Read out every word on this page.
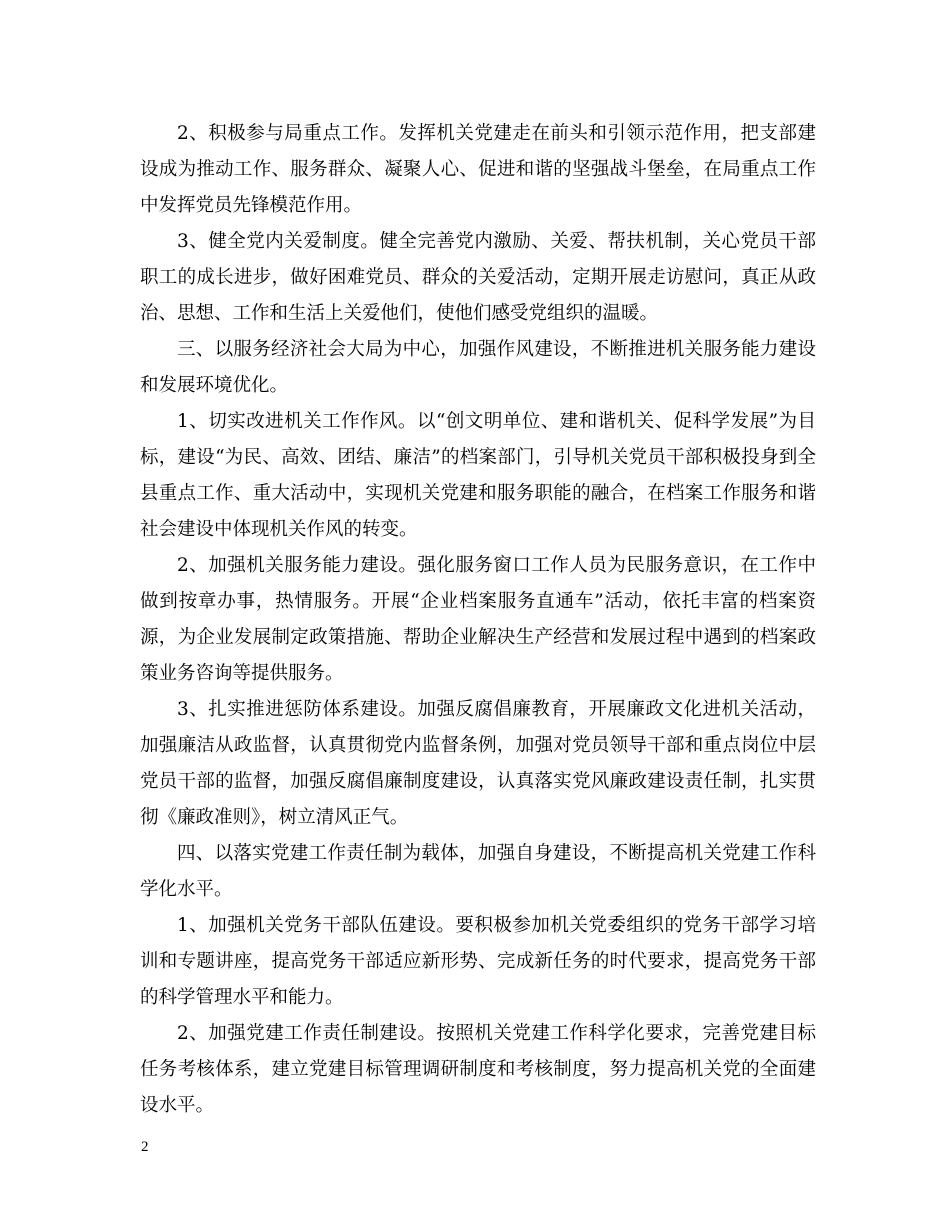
2、积极参与局重点工作。发挥机关党建走在前头和引领示范作用，把支部建设成为推动工作、服务群众、凝聚人心、促进和谐的坚强战斗堡垒，在局重点工作中发挥党员先锋模范作用。

3、健全党内关爱制度。健全完善党内激励、关爱、帮扶机制，关心党员干部职工的成长进步，做好困难党员、群众的关爱活动，定期开展走访慰问，真正从政治、思想、工作和生活上关爱他们，使他们感受党组织的温暖。

三、以服务经济社会大局为中心，加强作风建设，不断推进机关服务能力建设和发展环境优化。

1、切实改进机关工作作风。以“创文明单位、建和谐机关、促科学发展”为目标，建设“为民、高效、团结、廉洁”的档案部门，引导机关党员干部积极投身到全县重点工作、重大活动中，实现机关党建和服务职能的融合，在档案工作服务和谐社会建设中体现机关作风的转变。

2、加强机关服务能力建设。强化服务窗口工作人员为民服务意识，在工作中做到按章办事，热情服务。开展“企业档案服务直通车”活动，依托丰富的档案资源，为企业发展制定政策措施、帮助企业解决生产经营和发展过程中遇到的档案政策业务咨询等提供服务。

3、扎实推进惩防体系建设。加强反腐倡廉教育，开展廉政文化进机关活动，加强廉洁从政监督，认真贯彻党内监督条例，加强对党员领导干部和重点岗位中层党员干部的监督，加强反腐倡廉制度建设，认真落实党风廉政建设责任制，扎实贯彻《廉政准则》，树立清风正气。

四、以落实党建工作责任制为载体，加强自身建设，不断提高机关党建工作科学化水平。

1、加强机关党务干部队伍建设。要积极参加机关党委组织的党务干部学习培训和专题讲座，提高党务干部适应新形势、完成新任务的时代要求，提高党务干部的科学管理水平和能力。

2、加强党建工作责任制建设。按照机关党建工作科学化要求，完善党建目标任务考核体系，建立党建目标管理调研制度和考核制度，努力提高机关党的全面建设水平。

2
